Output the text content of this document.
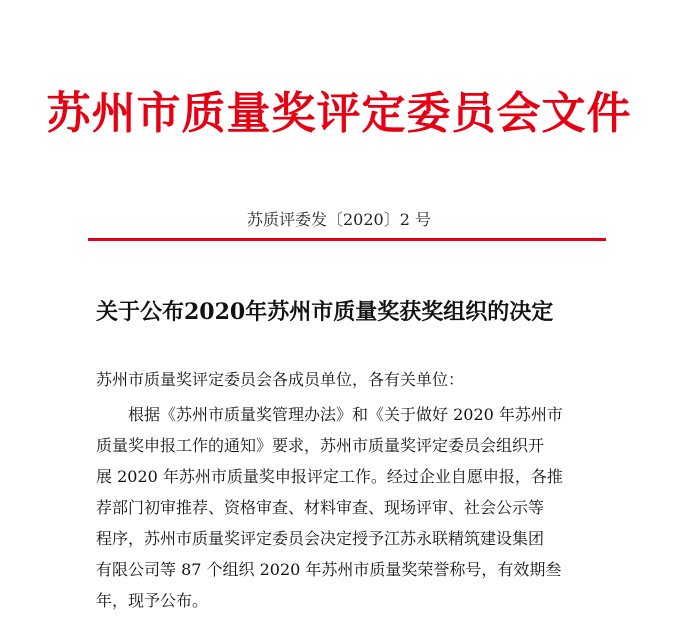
苏州市质量奖评定委员会文件
苏质评委发〔2020〕2 号
关于公布2020年苏州市质量奖获奖组织的决定
苏州市质量奖评定委员会各成员单位，各有关单位：
根据《苏州市质量奖管理办法》和《关于做好 2020 年苏州市
质量奖申报工作的通知》要求，苏州市质量奖评定委员会组织开
展 2020 年苏州市质量奖申报评定工作。经过企业自愿申报，各推
荐部门初审推荐、资格审查、材料审查、现场评审、社会公示等
程序，苏州市质量奖评定委员会决定授予江苏永联精筑建设集团
有限公司等 87 个组织 2020 年苏州市质量奖荣誉称号，有效期叁
年，现予公布。
